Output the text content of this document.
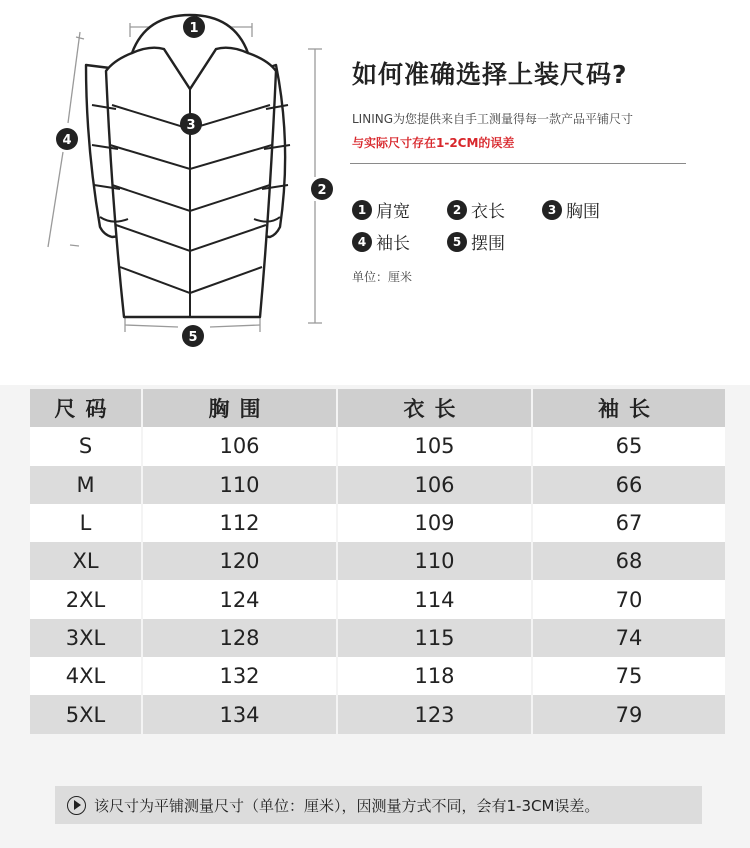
1
2
3
4
5
如何准确选择上装尺码?
LINING为您提供来自手工测量得每一款产品平铺尺寸
与实际尺寸存在1-2CM的误差
1 肩宽	2 衣长	3 胸围
4 袖长	5 摆围
单位：厘米
尺码	胸围	衣长	袖长
S	106	105	65
M	110	106	66
L	112	109	67
XL	120	110	68
2XL	124	114	70
3XL	128	115	74
4XL	132	118	75
5XL	134	123	79
该尺寸为平铺测量尺寸（单位：厘米），因测量方式不同，会有1-3CM误差。
